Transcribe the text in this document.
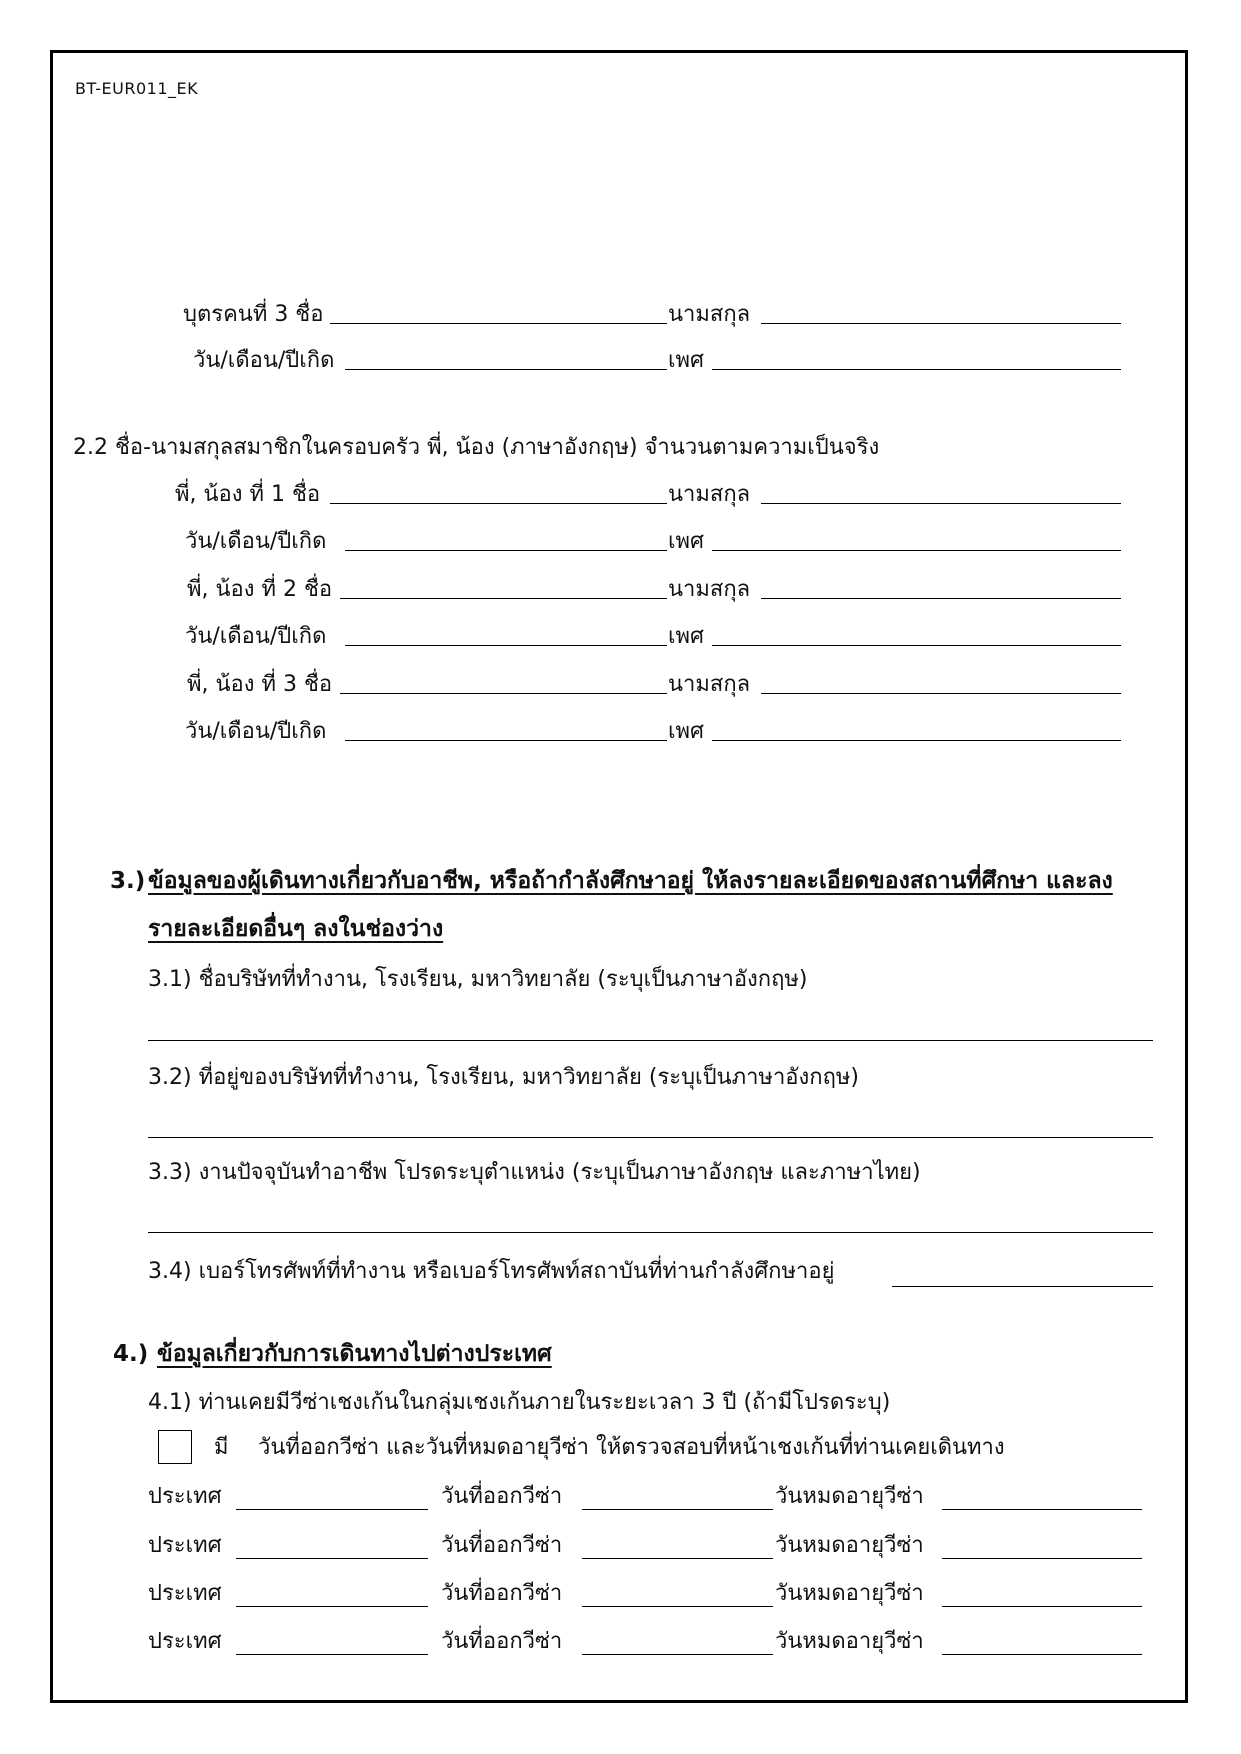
BT-EUR011_EK
บุตรคนที่ 3 ชื่อ	นามสกุล
วัน/เดือน/ปีเกิด	เพศ
2.2 ชื่อ-นามสกุลสมาชิกในครอบครัว พี่, น้อง (ภาษาอังกฤษ) จำนวนตามความเป็นจริง
พี่, น้อง ที่ 1 ชื่อ	นามสกุล
วัน/เดือน/ปีเกิด	เพศ
พี่, น้อง ที่ 2 ชื่อ	นามสกุล
วัน/เดือน/ปีเกิด	เพศ
พี่, น้อง ที่ 3 ชื่อ	นามสกุล
วัน/เดือน/ปีเกิด	เพศ
3.) ข้อมูลของผู้เดินทางเกี่ยวกับอาชีพ, หรือถ้ากำลังศึกษาอยู่ ให้ลงรายละเอียดของสถานที่ศึกษา และลง
รายละเอียดอื่นๆ ลงในช่องว่าง
3.1) ชื่อบริษัทที่ทำงาน, โรงเรียน, มหาวิทยาลัย (ระบุเป็นภาษาอังกฤษ)
3.2) ที่อยู่ของบริษัทที่ทำงาน, โรงเรียน, มหาวิทยาลัย (ระบุเป็นภาษาอังกฤษ)
3.3) งานปัจจุบันทำอาชีพ โปรดระบุตำแหน่ง (ระบุเป็นภาษาอังกฤษ และภาษาไทย)
3.4) เบอร์โทรศัพท์ที่ทำงาน หรือเบอร์โทรศัพท์สถาบันที่ท่านกำลังศึกษาอยู่
4.) ข้อมูลเกี่ยวกับการเดินทางไปต่างประเทศ
4.1) ท่านเคยมีวีซ่าเชงเก้นในกลุ่มเชงเก้นภายในระยะเวลา 3 ปี (ถ้ามีโปรดระบุ)
มี วันที่ออกวีซ่า และวันที่หมดอายุวีซ่า ให้ตรวจสอบที่หน้าเชงเก้นที่ท่านเคยเดินทาง
ประเทศ	วันที่ออกวีซ่า	วันหมดอายุวีซ่า
ประเทศ	วันที่ออกวีซ่า	วันหมดอายุวีซ่า
ประเทศ	วันที่ออกวีซ่า	วันหมดอายุวีซ่า
ประเทศ	วันที่ออกวีซ่า	วันหมดอายุวีซ่า
